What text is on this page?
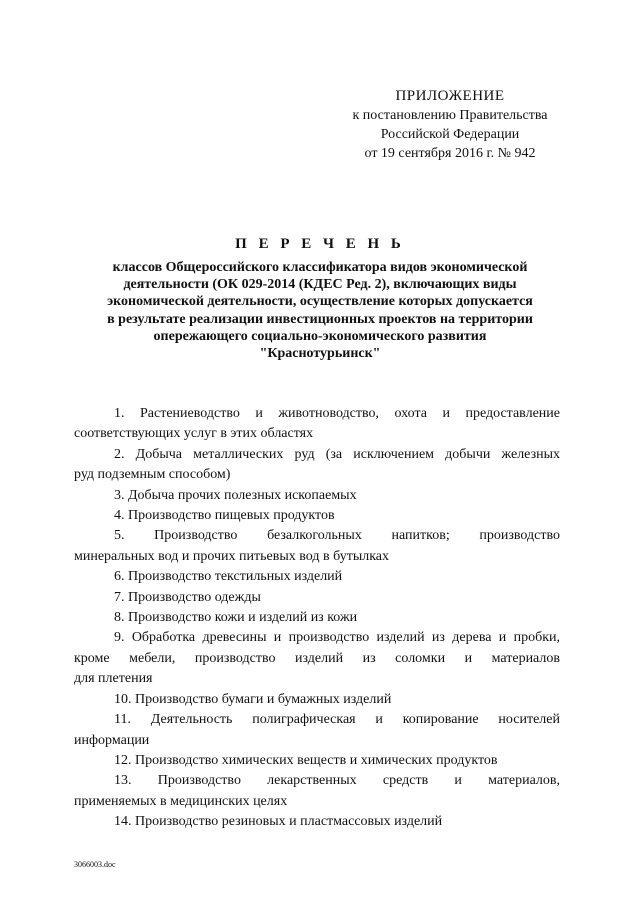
ПРИЛОЖЕНИЕ
к постановлению Правительства
Российской Федерации
от 19 сентября 2016 г. № 942
П Е Р Е Ч Е Н Ь
классов Общероссийского классификатора видов экономической
деятельности (ОК 029-2014 (КДЕС Ред. 2), включающих виды
экономической деятельности, осуществление которых допускается
в результате реализации инвестиционных проектов на территории
опережающего социально-экономического развития
"Краснотурьинск"
1. Растениеводство и животноводство, охота и предоставление
соответствующих услуг в этих областях
2. Добыча металлических руд (за исключением добычи железных
руд подземным способом)
3. Добыча прочих полезных ископаемых
4. Производство пищевых продуктов
5. Производство безалкогольных напитков; производство
минеральных вод и прочих питьевых вод в бутылках
6. Производство текстильных изделий
7. Производство одежды
8. Производство кожи и изделий из кожи
9. Обработка древесины и производство изделий из дерева и пробки,
кроме мебели, производство изделий из соломки и материалов
для плетения
10. Производство бумаги и бумажных изделий
11. Деятельность полиграфическая и копирование носителей
информации
12. Производство химических веществ и химических продуктов
13. Производство лекарственных средств и материалов,
применяемых в медицинских целях
14. Производство резиновых и пластмассовых изделий
3066003.doc
